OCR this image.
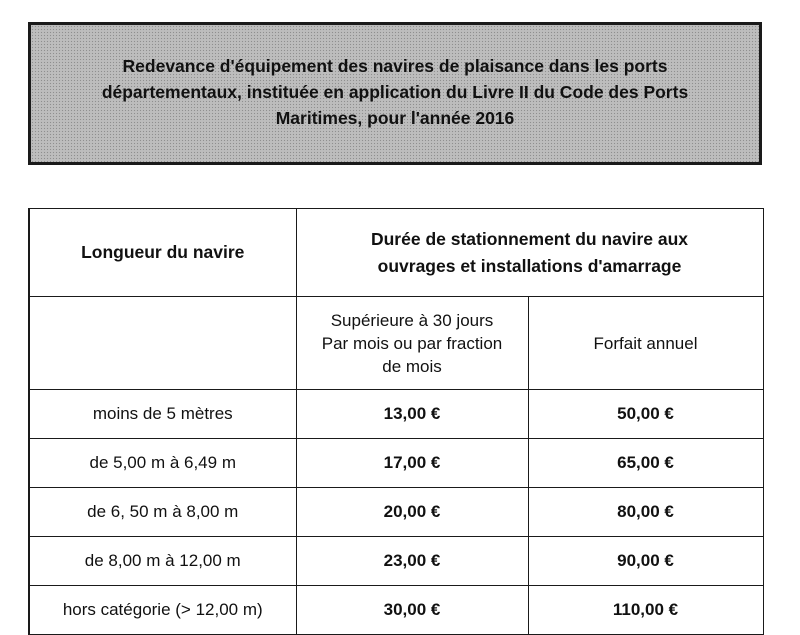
Redevance d'équipement des navires de plaisance dans les ports
départementaux, instituée en application du Livre II du Code des Ports
Maritimes, pour l'année 2016
Longueur du navire	Durée de stationnement du navire aux
ouvrages et installations d'amarrage	

	Supérieure à 30 jours
Par mois ou par fraction
de mois	Forfait annuel
moins de 5 mètres	13,00 €	50,00 €
de 5,00 m à 6,49 m	17,00 €	65,00 €
de 6, 50 m à 8,00 m	20,00 €	80,00 €
de 8,00 m à 12,00 m	23,00 €	90,00 €
hors catégorie (> 12,00 m)	30,00 €	110,00 €
